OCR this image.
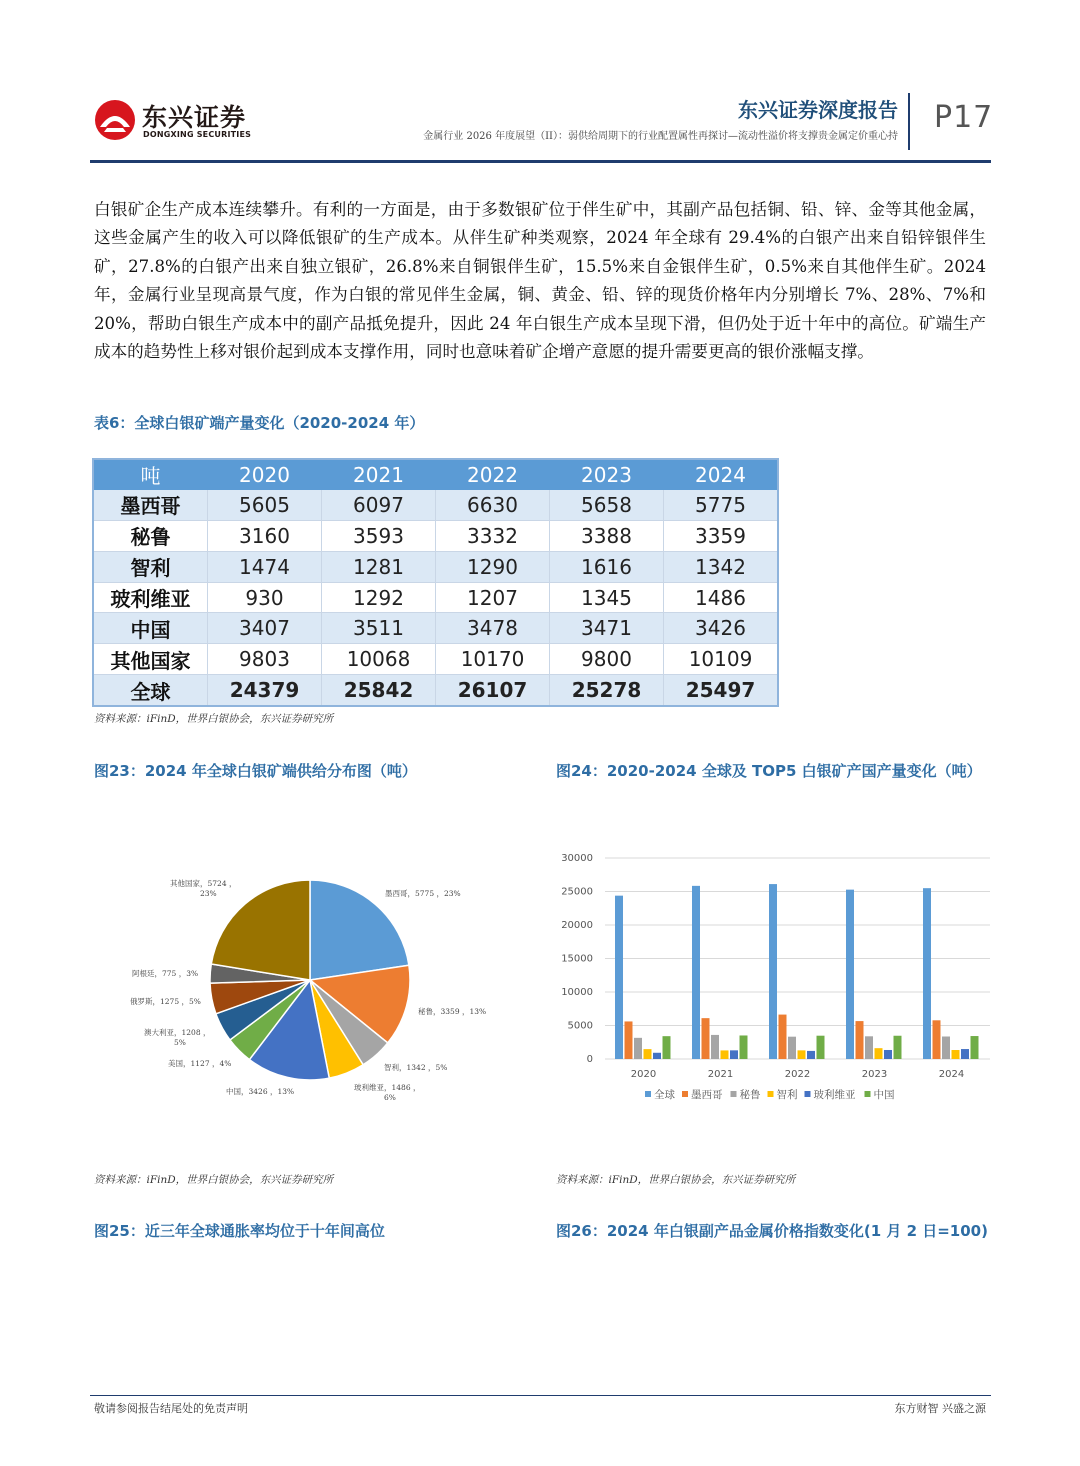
东兴证券
DONGXING SECURITIES
东兴证券深度报告
金属行业 2026 年度展望（II）：弱供给周期下的行业配置属性再探讨—流动性溢价将支撑贵金属定价重心持
P17
白银矿企生产成本连续攀升。有利的一方面是，由于多数银矿位于伴生矿中，其副产品包括铜、铅、锌、金等其他金属，这些金属产生的收入可以降低银矿的生产成本。从伴生矿种类观察，2024 年全球有 29.4%的白银产出来自铅锌银伴生矿，27.8%的白银产出来自独立银矿，26.8%来自铜银伴生矿，15.5%来自金银伴生矿，0.5%来自其他伴生矿。2024 年，金属行业呈现高景气度，作为白银的常见伴生金属，铜、黄金、铅、锌的现货价格年内分别增长 7%、28%、7%和 20%，帮助白银生产成本中的副产品抵免提升，因此 24 年白银生产成本呈现下滑，但仍处于近十年中的高位。矿端生产成本的趋势性上移对银价起到成本支撑作用，同时也意味着矿企增产意愿的提升需要更高的银价涨幅支撑。
表6：全球白银矿端产量变化（2020-2024 年）
吨	2020	2021	2022	2023	2024
墨西哥	5605	6097	6630	5658	5775
秘鲁	3160	3593	3332	3388	3359
智利	1474	1281	1290	1616	1342
玻利维亚	930	1292	1207	1345	1486
中国	3407	3511	3478	3471	3426
其他国家	9803	10068	10170	9800	10109
全球	24379	25842	26107	25278	25497
资料来源：iFinD，世界白银协会，东兴证券研究所
图23：2024 年全球白银矿端供给分布图（吨）	图24：2020-2024 全球及 TOP5 白银矿产国产量变化（吨）
墨西哥，5775 ，23%
秘鲁，3359 ，13%
智利，1342 ，5%
玻利维亚，1486 ， 6%
中国，3426 ，13%
美国，1127 ，4%
澳大利亚，1208 ， 5%
俄罗斯，1275 ，5%
阿根廷，775 ，3%
其他国家，5724 ， 23%
0
5000
10000
15000
20000
25000
30000
2020	2021	2022	2023	2024
全球 墨西哥 秘鲁 智利 玻利维亚 中国
资料来源：iFinD，世界白银协会，东兴证券研究所	资料来源：iFinD，世界白银协会，东兴证券研究所
图25：近三年全球通胀率均位于十年间高位	图26：2024 年白银副产品金属价格指数变化(1 月 2 日=100)
敬请参阅报告结尾处的免责声明	东方财智 兴盛之源
